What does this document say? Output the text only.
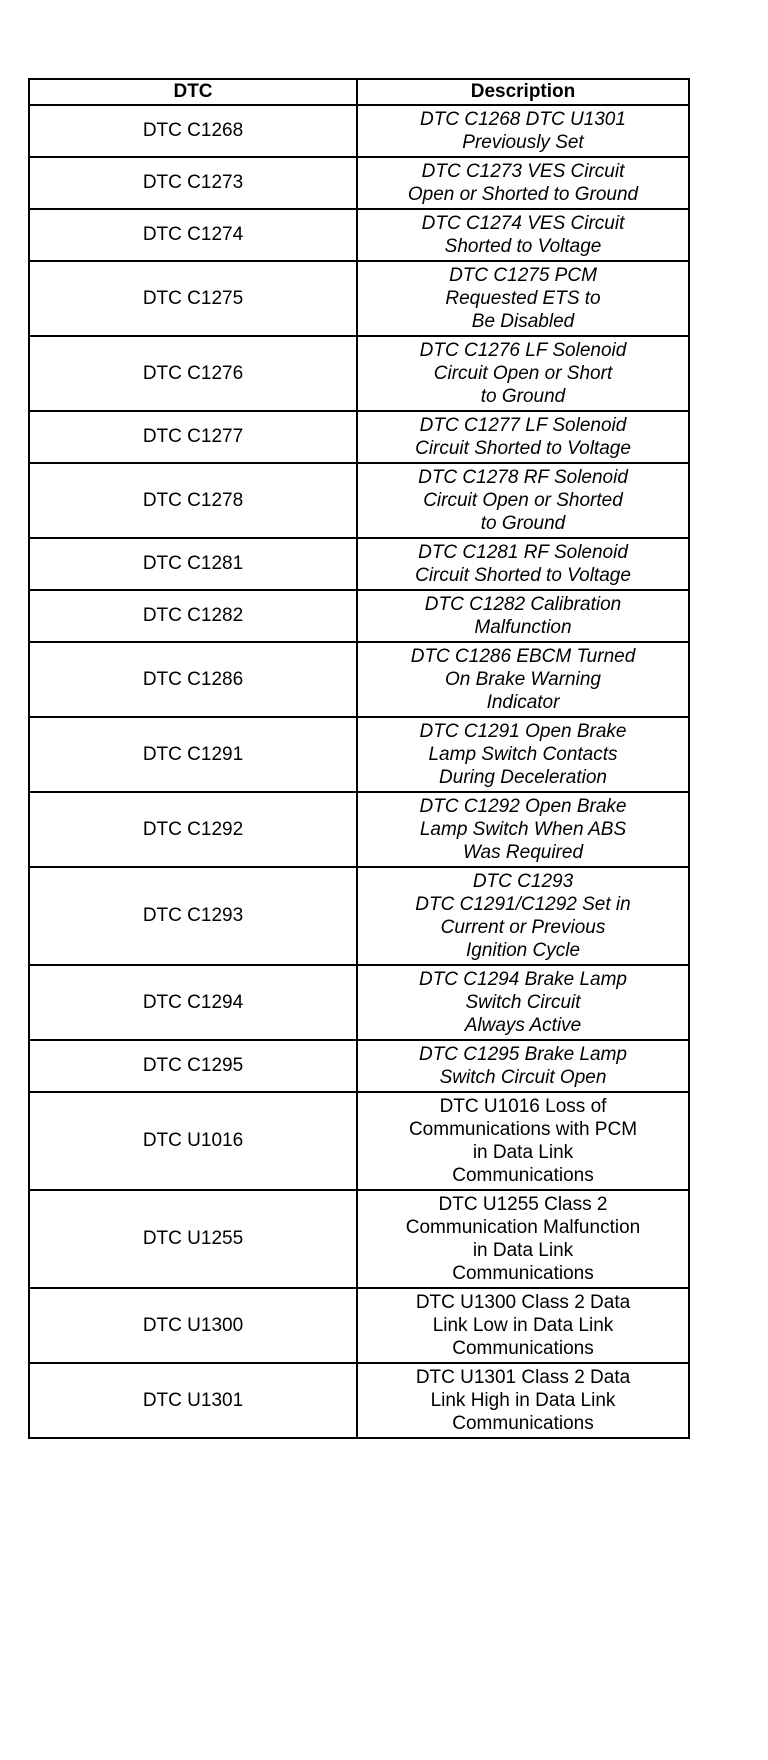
DTC	Description
DTC C1268	DTC C1268 DTC U1301
Previously Set

DTC C1273	DTC C1273 VES Circuit
Open or Shorted to Ground

DTC C1274	DTC C1274 VES Circuit
Shorted to Voltage

DTC C1275	DTC C1275 PCM
Requested ETS to
Be Disabled

DTC C1276	DTC C1276 LF Solenoid
Circuit Open or Short
to Ground

DTC C1277	DTC C1277 LF Solenoid
Circuit Shorted to Voltage

DTC C1278	DTC C1278 RF Solenoid
Circuit Open or Shorted
to Ground

DTC C1281	DTC C1281 RF Solenoid
Circuit Shorted to Voltage

DTC C1282	DTC C1282 Calibration
Malfunction

DTC C1286	DTC C1286 EBCM Turned
On Brake Warning
Indicator

DTC C1291	DTC C1291 Open Brake
Lamp Switch Contacts
During Deceleration

DTC C1292	DTC C1292 Open Brake
Lamp Switch When ABS
Was Required

DTC C1293	DTC C1293
DTC C1291/C1292 Set in
Current or Previous
Ignition Cycle

DTC C1294	DTC C1294 Brake Lamp
Switch Circuit
Always Active

DTC C1295	DTC C1295 Brake Lamp
Switch Circuit Open

DTC U1016	DTC U1016 Loss of
Communications with PCM
in Data Link
Communications

DTC U1255	DTC U1255 Class 2
Communication Malfunction
in Data Link
Communications

DTC U1300	DTC U1300 Class 2 Data
Link Low in Data Link
Communications

DTC U1301	DTC U1301 Class 2 Data
Link High in Data Link
Communications
